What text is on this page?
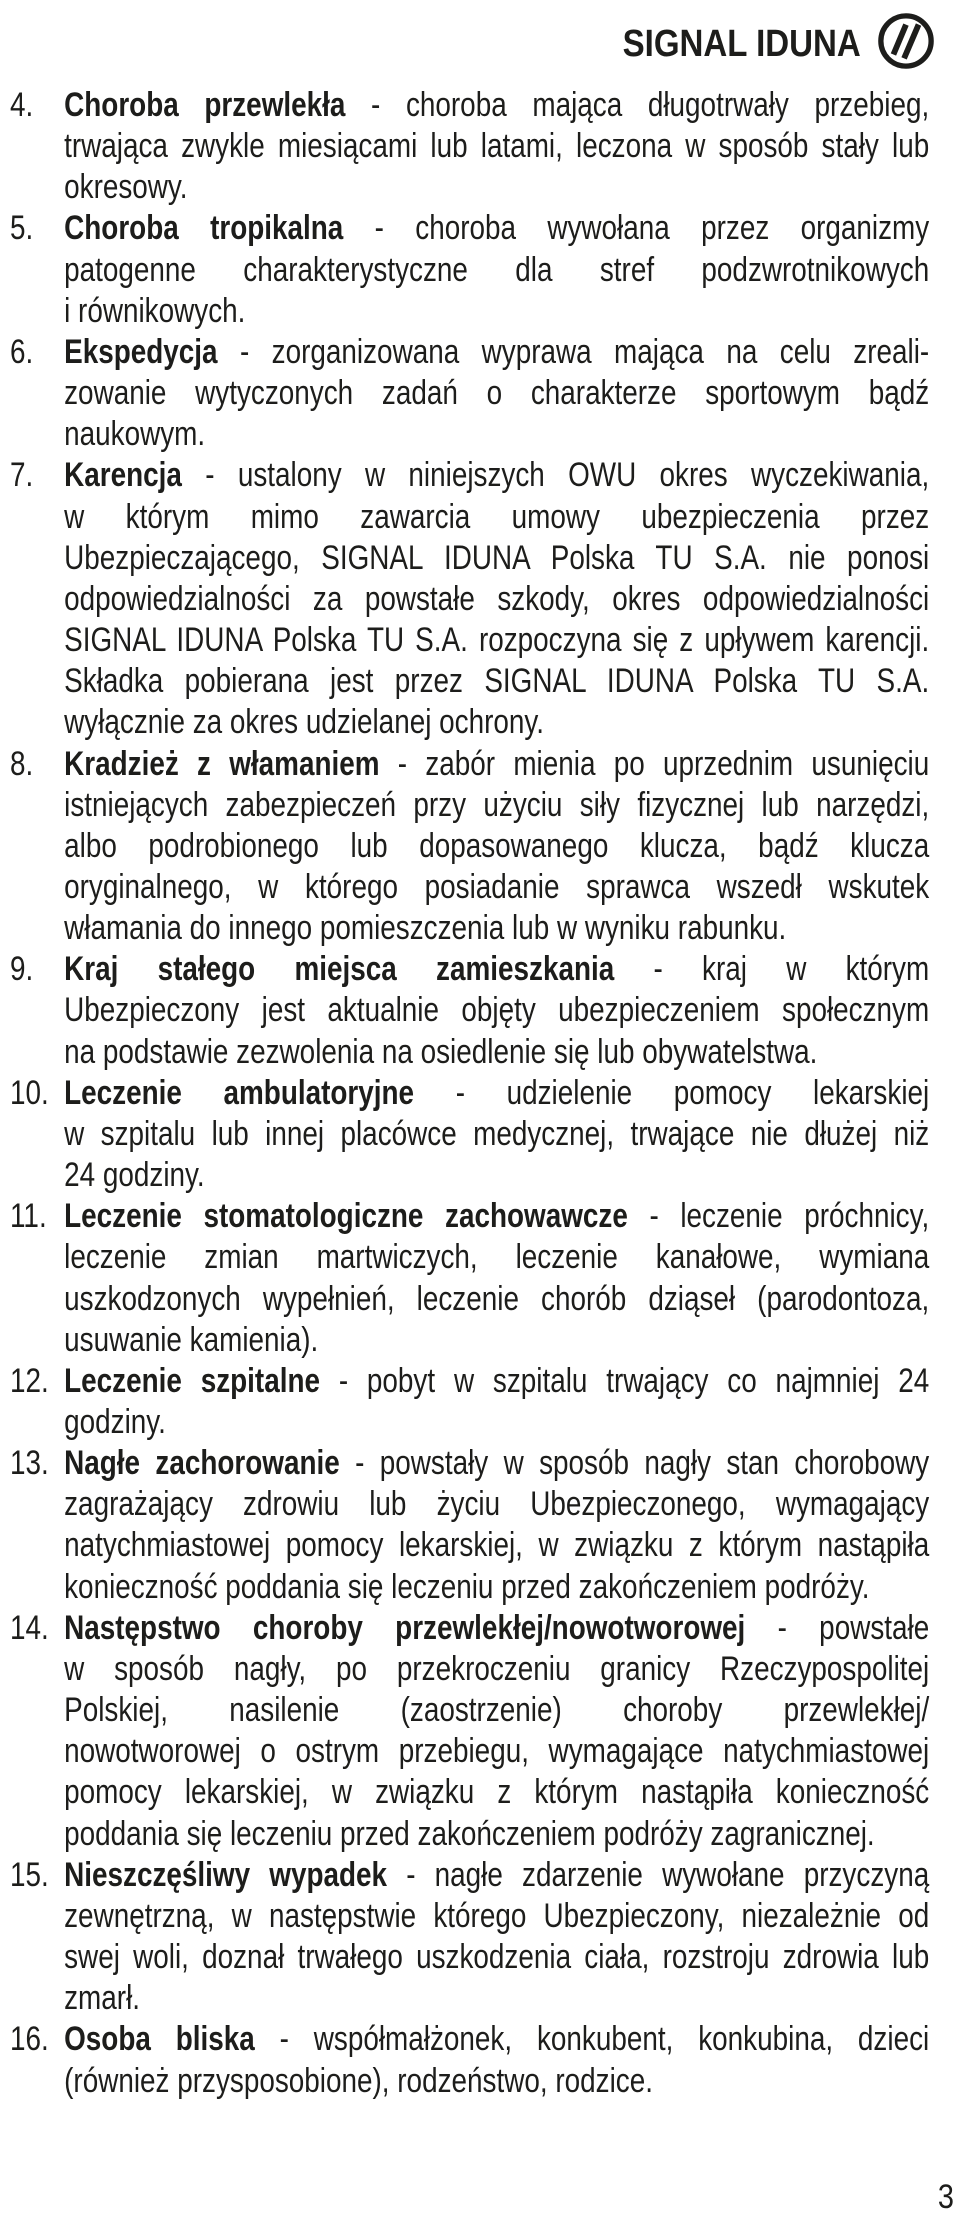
SIGNAL IDUNA
4. Choroba przewlekła - choroba mająca długotrwały przebieg,
trwająca zwykle miesiącami lub latami, leczona w sposób stały lub
okresowy.
5. Choroba tropikalna - choroba wywołana przez organizmy
patogenne charakterystyczne dla stref podzwrotnikowych
i równikowych.
6. Ekspedycja - zorganizowana wyprawa mająca na celu zreali-
zowanie wytyczonych zadań o charakterze sportowym bądź
naukowym.
7. Karencja - ustalony w niniejszych OWU okres wyczekiwania,
w którym mimo zawarcia umowy ubezpieczenia przez
Ubezpieczającego, SIGNAL IDUNA Polska TU S.A. nie ponosi
odpowiedzialności za powstałe szkody, okres odpowiedzialności
SIGNAL IDUNA Polska TU S.A. rozpoczyna się z upływem karencji.
Składka pobierana jest przez SIGNAL IDUNA Polska TU S.A.
wyłącznie za okres udzielanej ochrony.
8. Kradzież z włamaniem - zabór mienia po uprzednim usunięciu
istniejących zabezpieczeń przy użyciu siły fizycznej lub narzędzi,
albo podrobionego lub dopasowanego klucza, bądź klucza
oryginalnego, w którego posiadanie sprawca wszedł wskutek
włamania do innego pomieszczenia lub w wyniku rabunku.
9. Kraj stałego miejsca zamieszkania - kraj w którym
Ubezpieczony jest aktualnie objęty ubezpieczeniem społecznym
na podstawie zezwolenia na osiedlenie się lub obywatelstwa.
10. Leczenie ambulatoryjne - udzielenie pomocy lekarskiej
w szpitalu lub innej placówce medycznej, trwające nie dłużej niż
24 godziny.
11. Leczenie stomatologiczne zachowawcze - leczenie próchnicy,
leczenie zmian martwiczych, leczenie kanałowe, wymiana
uszkodzonych wypełnień, leczenie chorób dziąseł (parodontoza,
usuwanie kamienia).
12. Leczenie szpitalne - pobyt w szpitalu trwający co najmniej 24
godziny.
13. Nagłe zachorowanie - powstały w sposób nagły stan chorobowy
zagrażający zdrowiu lub życiu Ubezpieczonego, wymagający
natychmiastowej pomocy lekarskiej, w związku z którym nastąpiła
konieczność poddania się leczeniu przed zakończeniem podróży.
14. Następstwo choroby przewlekłej/nowotworowej - powstałe
w sposób nagły, po przekroczeniu granicy Rzeczypospolitej
Polskiej, nasilenie (zaostrzenie) choroby przewlekłej/
nowotworowej o ostrym przebiegu, wymagające natychmiastowej
pomocy lekarskiej, w związku z którym nastąpiła konieczność
poddania się leczeniu przed zakończeniem podróży zagranicznej.
15. Nieszczęśliwy wypadek - nagłe zdarzenie wywołane przyczyną
zewnętrzną, w następstwie którego Ubezpieczony, niezależnie od
swej woli, doznał trwałego uszkodzenia ciała, rozstroju zdrowia lub
zmarł.
16. Osoba bliska - współmałżonek, konkubent, konkubina, dzieci
(również przysposobione), rodzeństwo, rodzice.
3
